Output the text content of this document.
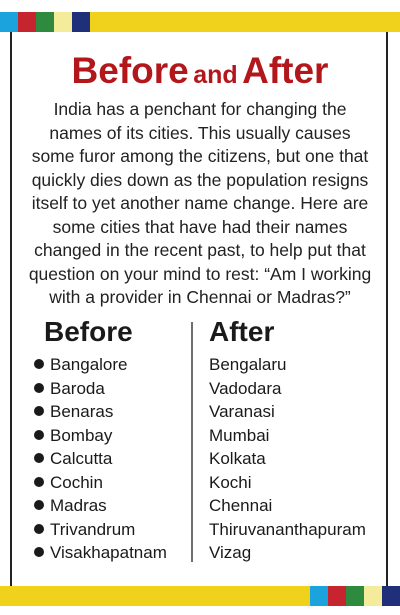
Before and After
India has a penchant for changing the names of its cities. This usually causes some furor among the citizens, but one that quickly dies down as the population resigns itself to yet another name change. Here are some cities that have had their names changed in the recent past, to help put that question on your mind to rest: “Am I working with a provider in Chennai or Madras?”
Before	After
Bangalore
Baroda
Benaras
Bombay
Calcutta
Cochin
Madras
Trivandrum
Visakhapatnam
Bengalaru
Vadodara
Varanasi
Mumbai
Kolkata
Kochi
Chennai
Thiruvananthapuram
Vizag
